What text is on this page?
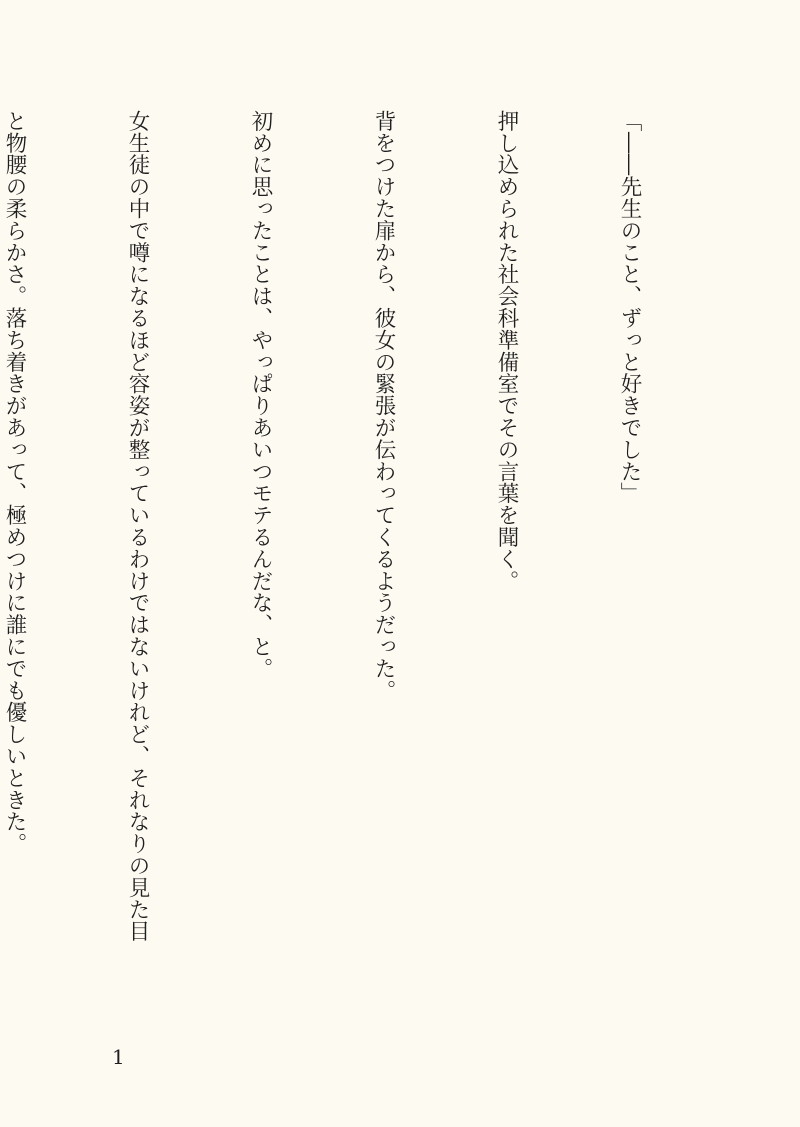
「――先生のこと、ずっと好きでした」

押し込められた社会科準備室でその言葉を聞く。

背をつけた扉から、彼女の緊張が伝わってくるようだった。

初めに思ったことは、やっぱりあいつモテるんだな、と。

女生徒の中で噂になるほど容姿が整っているわけではないけれど、それなりの見た目

と物腰の柔らかさ。落ち着きがあって、極めつけに誰にでも優しいときた。

1
